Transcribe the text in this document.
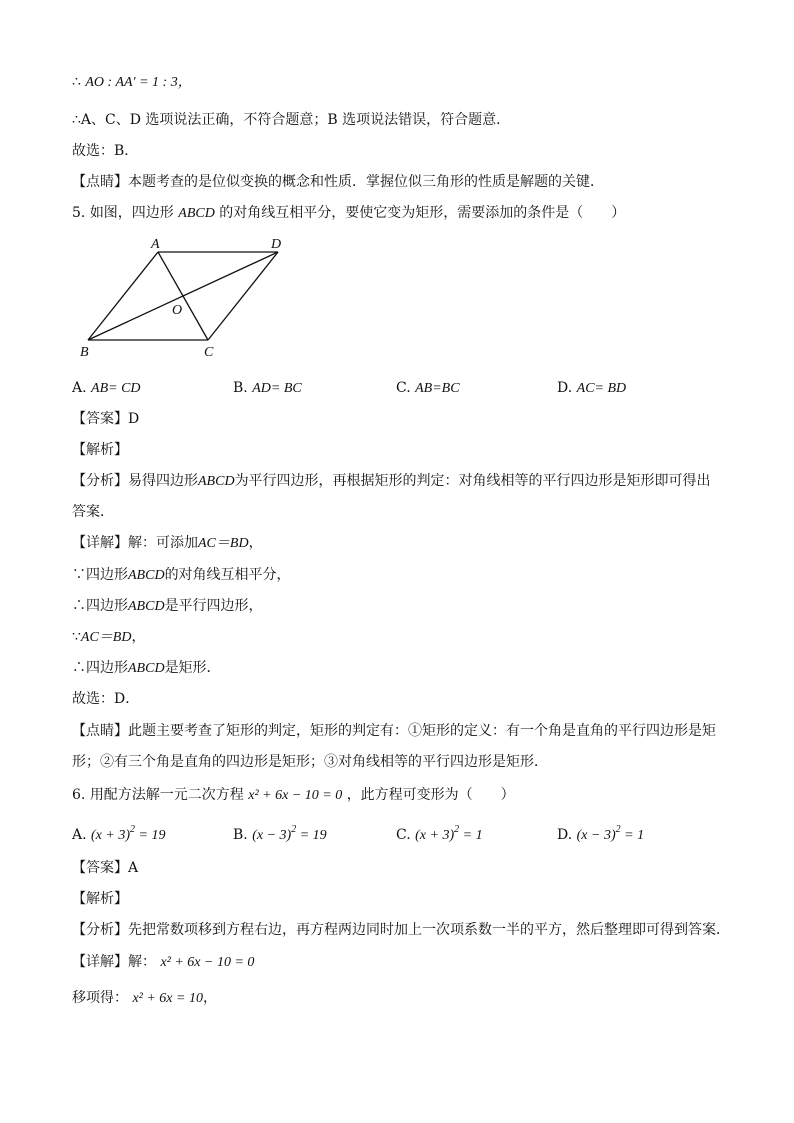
∴ AO : AA′ = 1 : 3，
∴A、C、D 选项说法正确，不符合题意；B 选项说法错误，符合题意．
故选：B．
【点睛】本题考查的是位似变换的概念和性质．掌握位似三角形的性质是解题的关键．
5. 如图，四边形 ABCD 的对角线互相平分，要使它变为矩形，需要添加的条件是（　　）
A	D
O
B	C
A. AB= CD	B. AD= BC	C. AB=BC	D. AC= BD
【答案】D
【解析】
【分析】易得四边形ABCD为平行四边形，再根据矩形的判定：对角线相等的平行四边形是矩形即可得出
答案．
【详解】解：可添加AC＝BD，
∵四边形ABCD的对角线互相平分，
∴四边形ABCD是平行四边形，
∵AC＝BD，
∴四边形ABCD是矩形．
故选：D．
【点睛】此题主要考查了矩形的判定，矩形的判定有：①矩形的定义：有一个角是直角的平行四边形是矩
形；②有三个角是直角的四边形是矩形；③对角线相等的平行四边形是矩形．
6. 用配方法解一元二次方程 x² + 6x − 10 = 0 ，此方程可变形为（　　）
A. $(x + 3)^2 = 19$	B. $(x - 3)^2 = 19$	C. $(x + 3)^2 = 1$	D. $(x - 3)^2 = 1$
【答案】A
【解析】
【分析】先把常数项移到方程右边，再方程两边同时加上一次项系数一半的平方，然后整理即可得到答案．
【详解】解： x² + 6x − 10 = 0
移项得： x² + 6x = 10，
